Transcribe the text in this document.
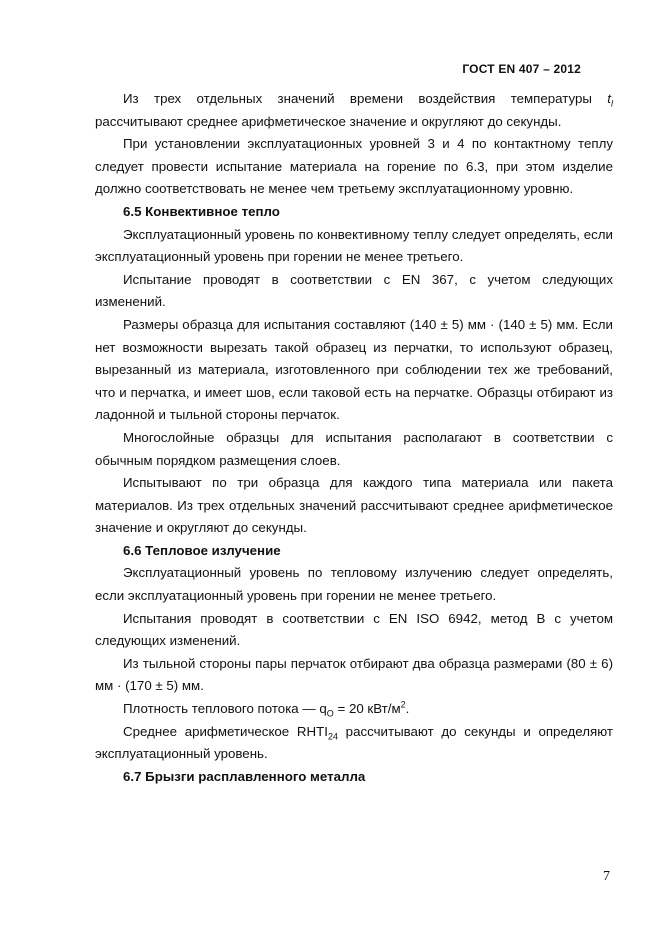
ГОСТ EN 407 – 2012

Из трех отдельных значений времени воздействия температуры $t_l$ рассчитывают среднее арифметическое значение и округляют до секунды.

При установлении эксплуатационных уровней 3 и 4 по контактному теплу следует провести испытание материала на горение по 6.3, при этом изделие должно соответствовать не менее чем третьему эксплуатационному уровню.

6.5 Конвективное тепло

Эксплуатационный уровень по конвективному теплу следует определять, если эксплуатационный уровень при горении не менее третьего.

Испытание проводят в соответствии с EN 367, с учетом следующих изменений.

Размеры образца для испытания составляют (140 ± 5) мм · (140 ± 5) мм. Если нет возможности вырезать такой образец из перчатки, то используют образец, вырезанный из материала, изготовленного при соблюдении тех же требований, что и перчатка, и имеет шов, если таковой есть на перчатке. Образцы отбирают из ладонной и тыльной стороны перчаток.

Многослойные образцы для испытания располагают в соответствии с обычным порядком размещения слоев.

Испытывают по три образца для каждого типа материала или пакета материалов. Из трех отдельных значений рассчитывают среднее арифметическое значение и округляют до секунды.

6.6 Тепловое излучение

Эксплуатационный уровень по тепловому излучению следует определять, если эксплуатационный уровень при горении не менее третьего.

Испытания проводят в соответствии с EN ISO 6942, метод B с учетом следующих изменений.

Из тыльной стороны пары перчаток отбирают два образца размерами (80 ± 6) мм · (170 ± 5) мм.

Плотность теплового потока — $q_O = 20$ кВт/$м^2$.

Среднее арифметическое $RHTI_{24}$ рассчитывают до секунды и определяют эксплуатационный уровень.

6.7 Брызги расплавленного металла

7
